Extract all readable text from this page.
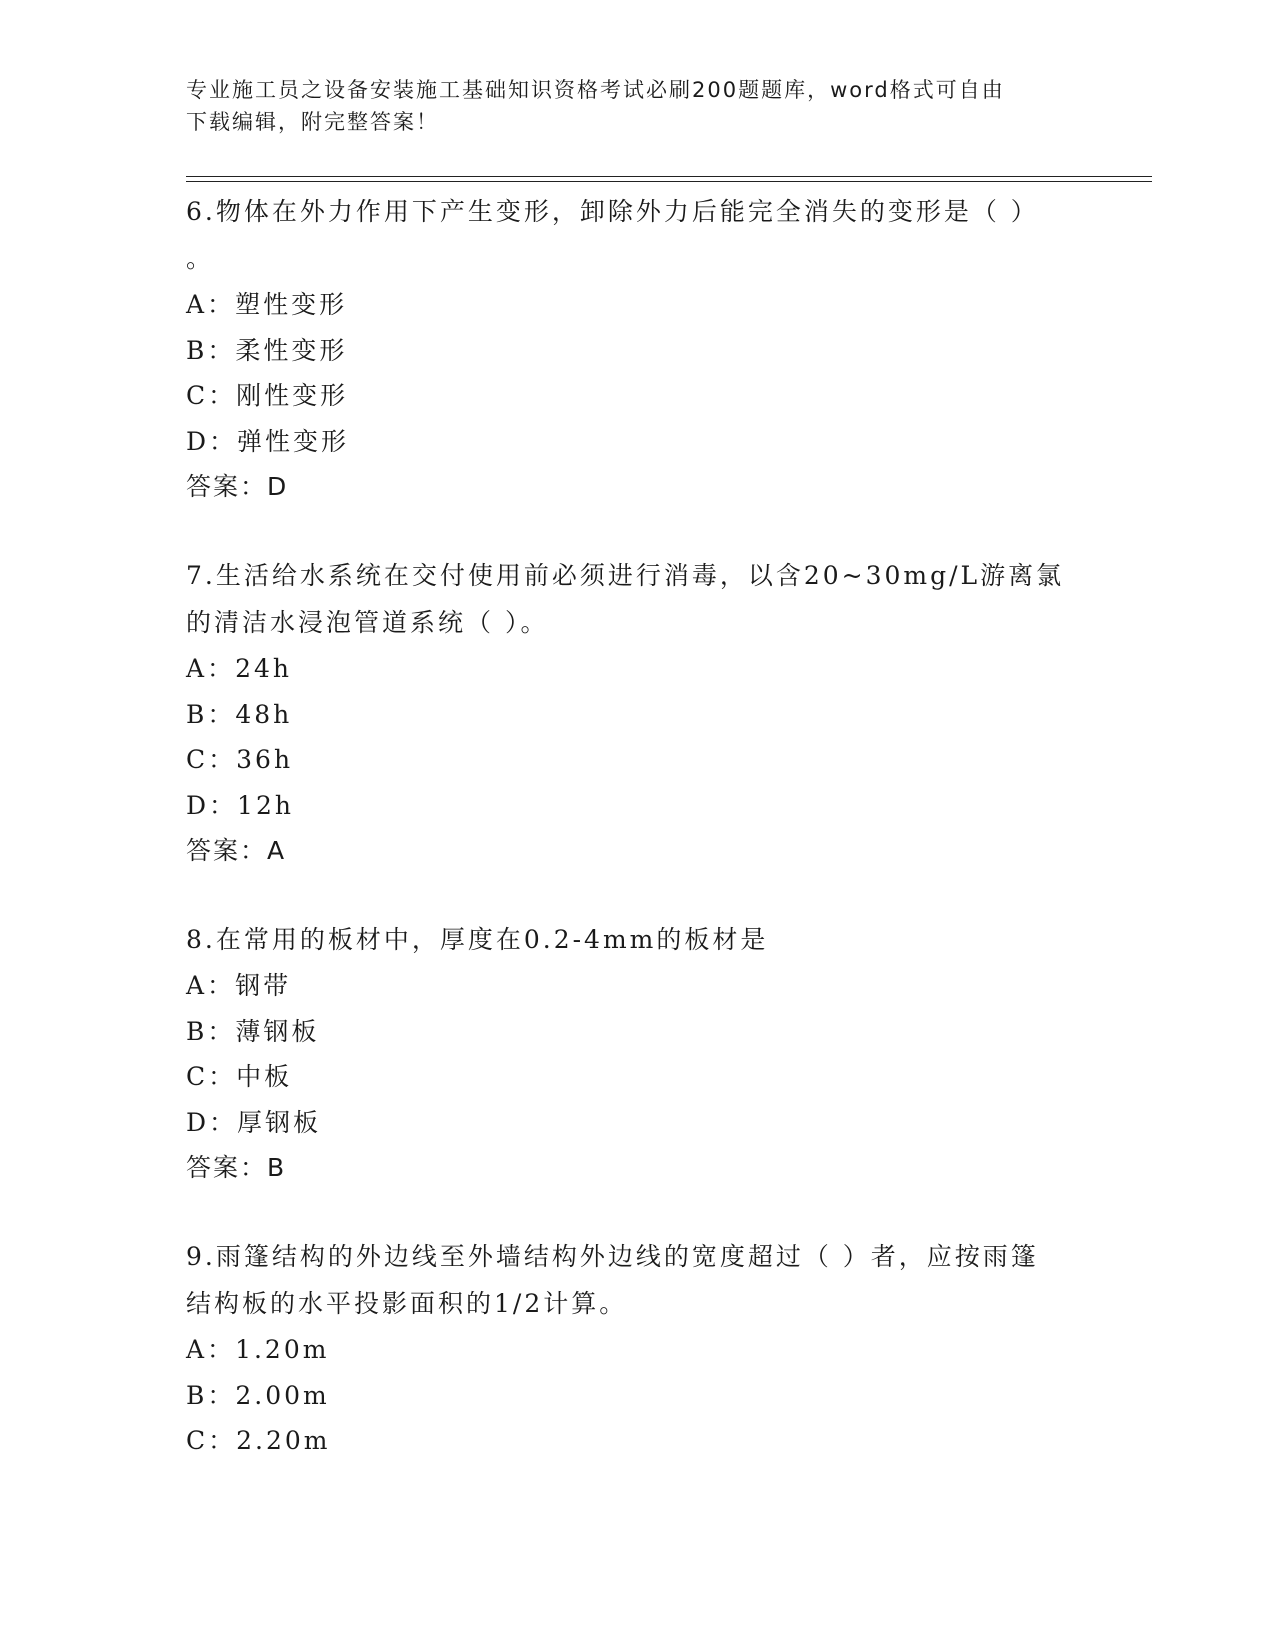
专业施工员之设备安装施工基础知识资格考试必刷200题题库，word格式可自由
下载编辑，附完整答案！
6.物体在外力作用下产生变形，卸除外力后能完全消失的变形是（ ）
。
A：塑性变形
B：柔性变形
C：刚性变形
D：弹性变形
答案：D
7.生活给水系统在交付使用前必须进行消毒，以含20~30mg/L游离氯
的清洁水浸泡管道系统（ ）。
A：24h
B：48h
C：36h
D：12h
答案：A
8.在常用的板材中，厚度在0.2-4mm的板材是
A：钢带
B：薄钢板
C：中板
D：厚钢板
答案：B
9.雨篷结构的外边线至外墙结构外边线的宽度超过（ ）者，应按雨篷
结构板的水平投影面积的1/2计算。
A：1.20m
B：2.00m
C：2.20m
